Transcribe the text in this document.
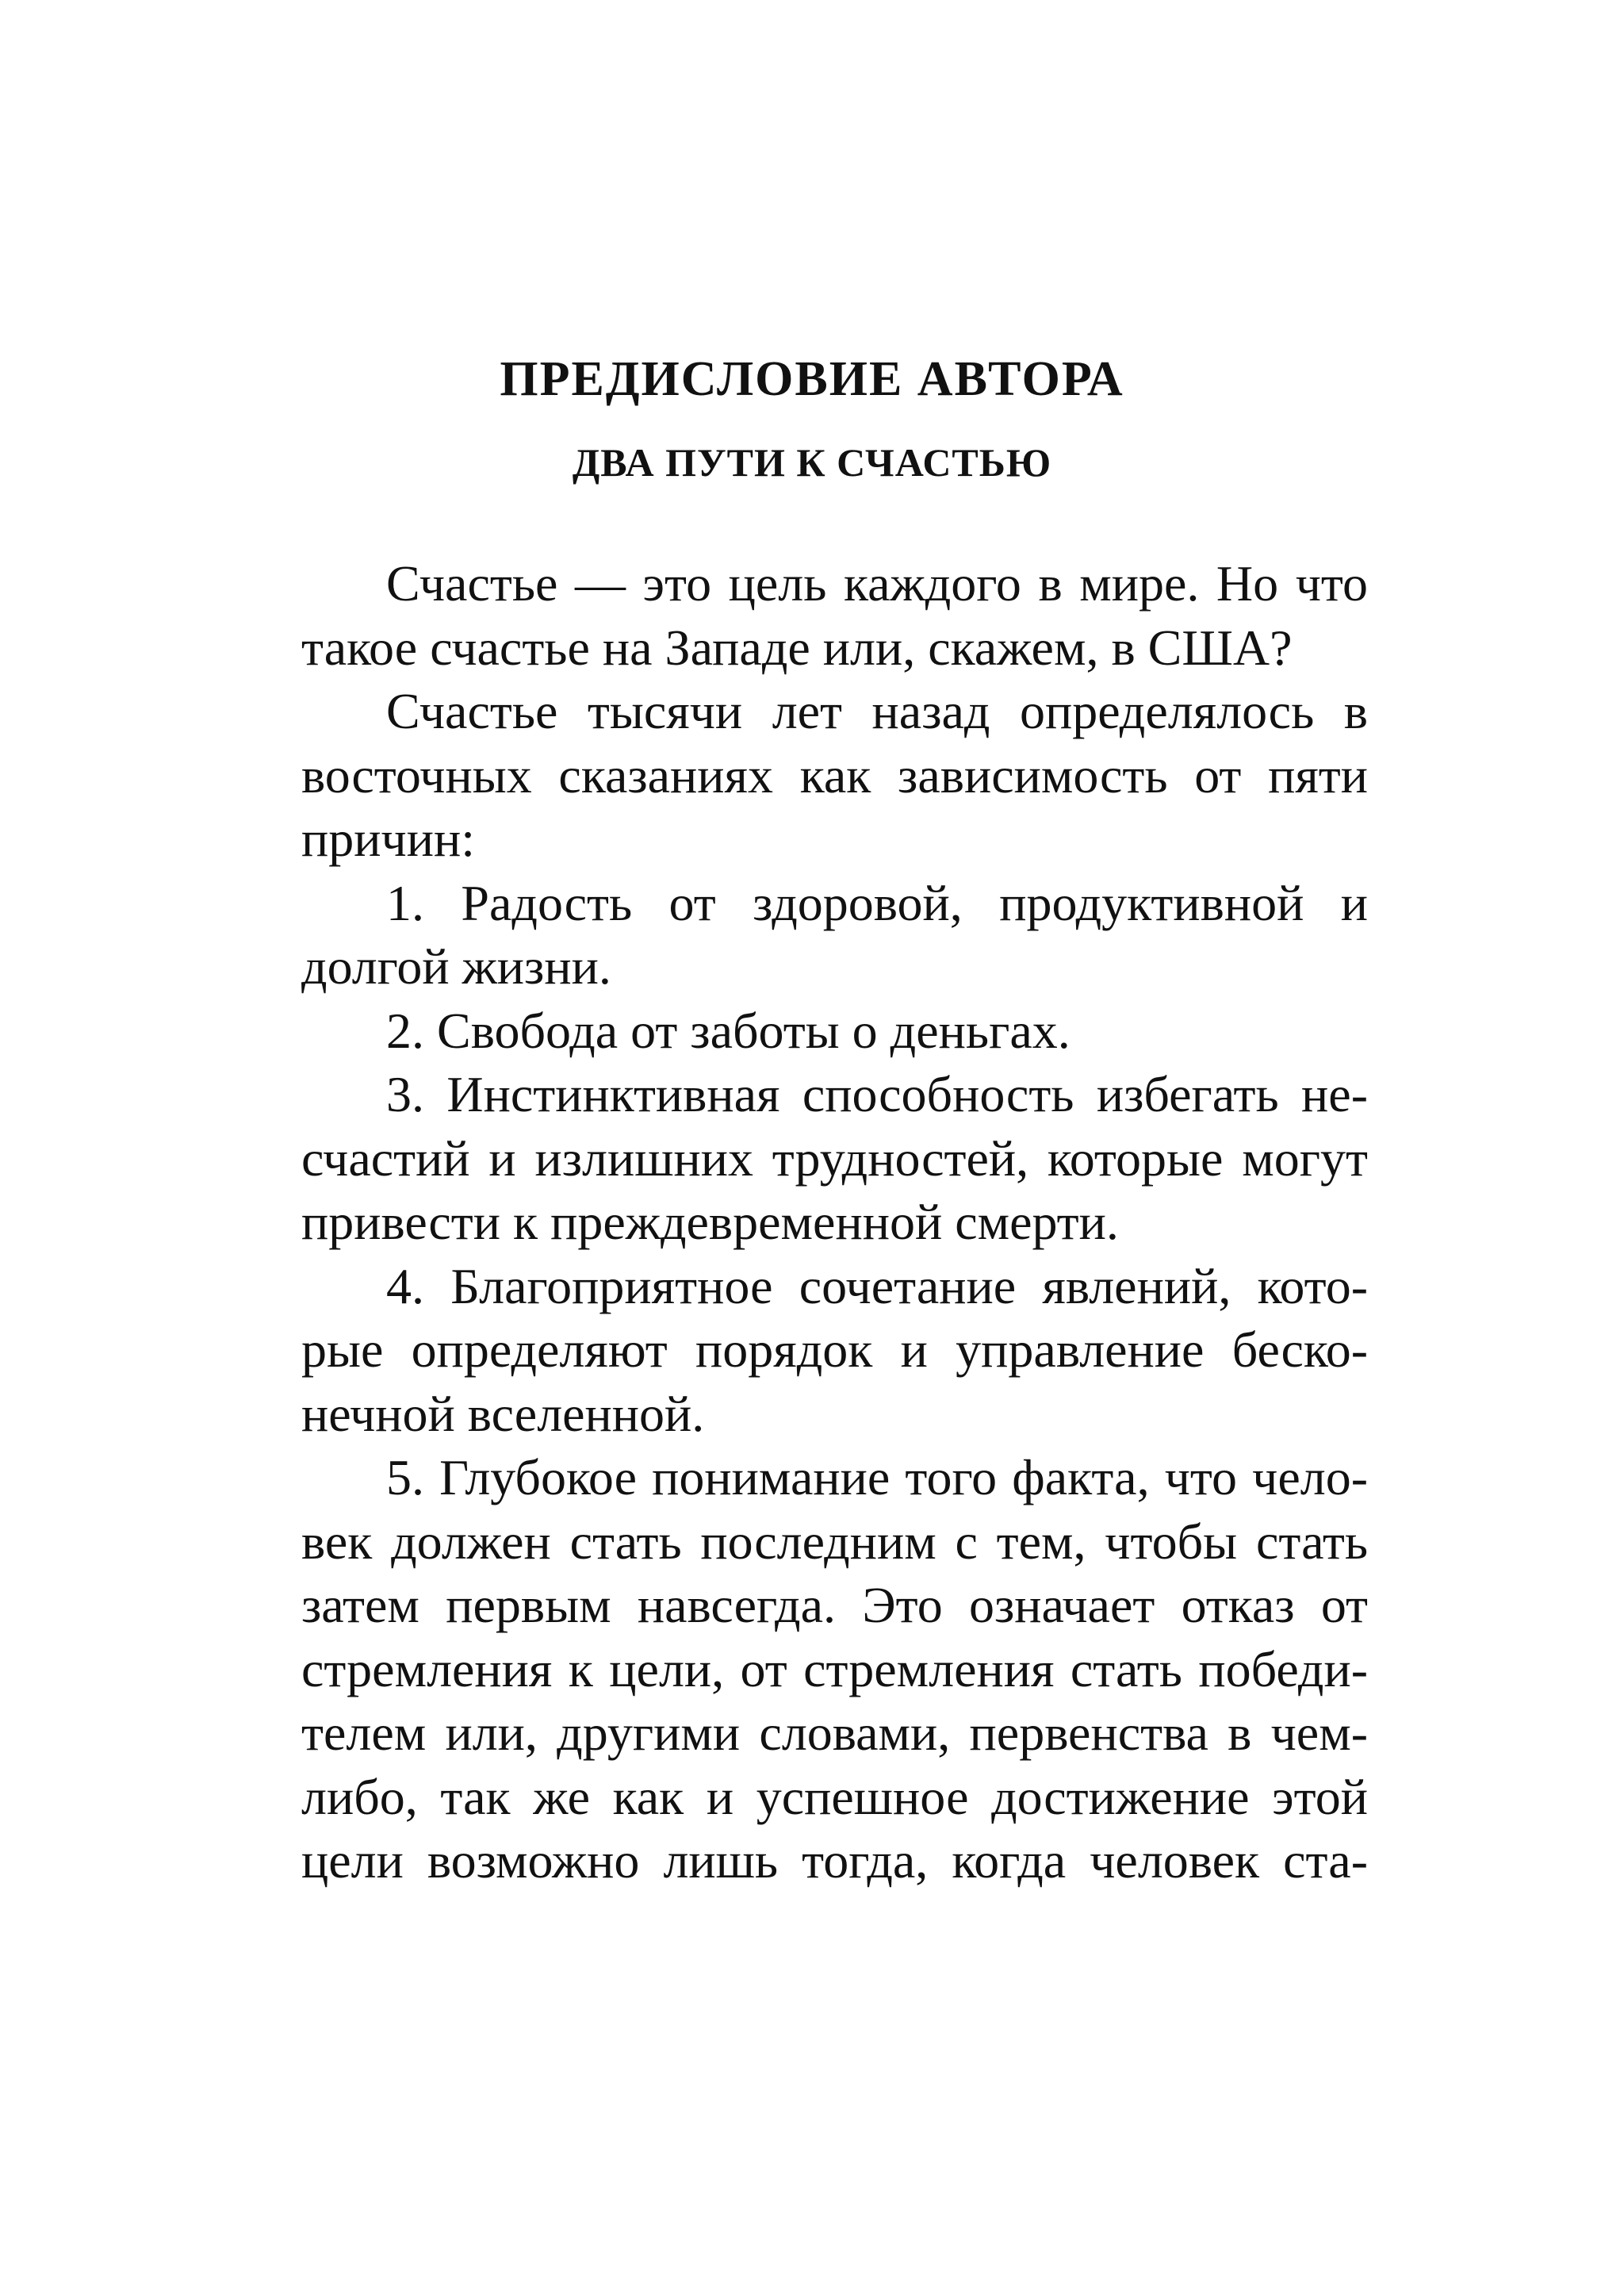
ПРЕДИСЛОВИЕ АВТОРА
ДВА ПУТИ К СЧАСТЬЮ
Счастье — это цель каждого в мире. Но что
такое счастье на Западе или, скажем, в США?
Счастье тысячи лет назад определялось в
восточных сказаниях как зависимость от пяти
причин:
1. Радость от здоровой, продуктивной и
долгой жизни.
2. Свобода от заботы о деньгах.
3. Инстинктивная способность избегать не-
счастий и излишних трудностей, которые могут
привести к преждевременной смерти.
4. Благоприятное сочетание явлений, кото-
рые определяют порядок и управление беско-
нечной вселенной.
5. Глубокое понимание того факта, что чело-
век должен стать последним с тем, чтобы стать
затем первым навсегда. Это означает отказ от
стремления к цели, от стремления стать победи-
телем или, другими словами, первенства в чем-
либо, так же как и успешное достижение этой
цели возможно лишь тогда, когда человек ста-
